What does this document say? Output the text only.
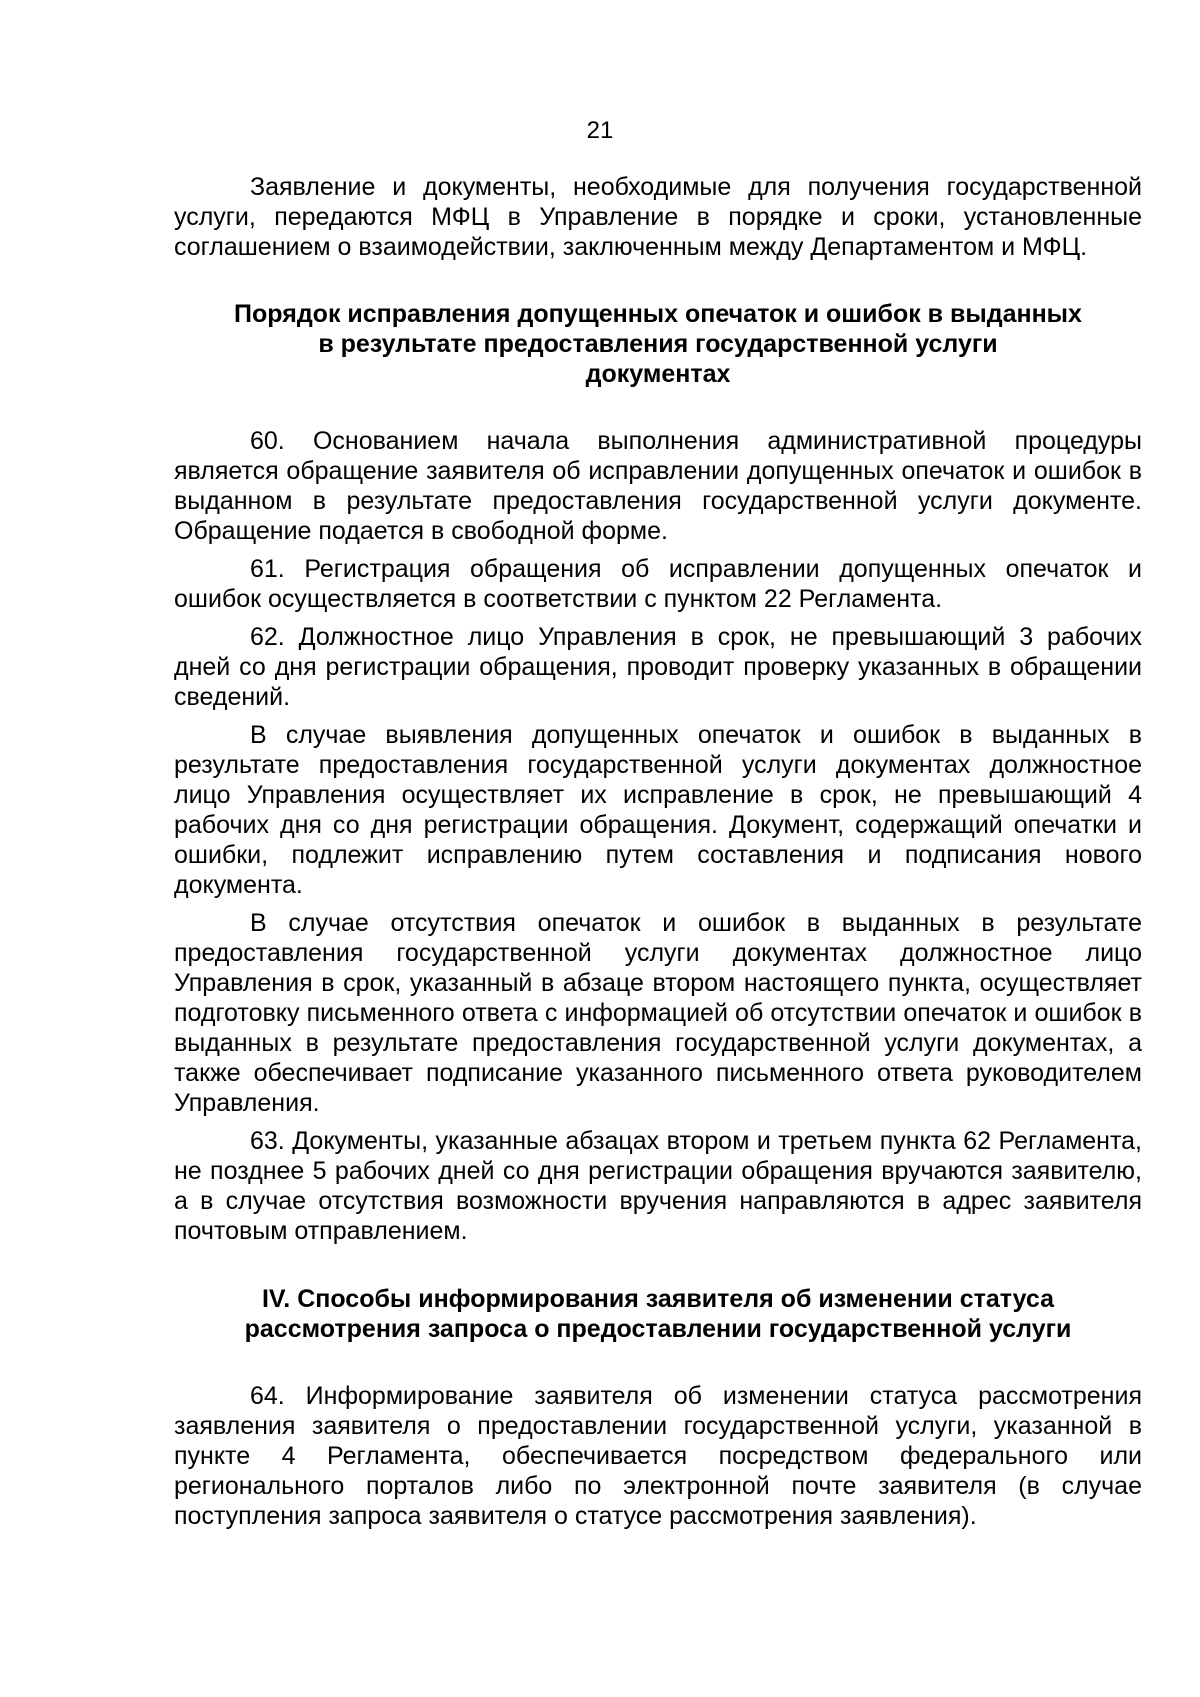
21

Заявление и документы, необходимые для получения государственной услуги, передаются МФЦ в Управление в порядке и сроки, установленные соглашением о взаимодействии, заключенным между Департаментом и МФЦ.

Порядок исправления допущенных опечаток и ошибок в выданных
в результате предоставления государственной услуги
документах

60. Основанием начала выполнения административной процедуры является обращение заявителя об исправлении допущенных опечаток и ошибок в выданном в результате предоставления государственной услуги документе. Обращение подается в свободной форме.

61. Регистрация обращения об исправлении допущенных опечаток и ошибок осуществляется в соответствии с пунктом 22 Регламента.

62. Должностное лицо Управления в срок, не превышающий 3 рабочих дней со дня регистрации обращения, проводит проверку указанных в обращении сведений.

В случае выявления допущенных опечаток и ошибок в выданных в результате предоставления государственной услуги документах должностное лицо Управления осуществляет их исправление в срок, не превышающий 4 рабочих дня со дня регистрации обращения. Документ, содержащий опечатки и ошибки, подлежит исправлению путем составления и подписания нового документа.

В случае отсутствия опечаток и ошибок в выданных в результате предоставления государственной услуги документах должностное лицо Управления в срок, указанный в абзаце втором настоящего пункта, осуществляет подготовку письменного ответа с информацией об отсутствии опечаток и ошибок в выданных в результате предоставления государственной услуги документах, а также обеспечивает подписание указанного письменного ответа руководителем Управления.

63. Документы, указанные абзацах втором и третьем пункта 62 Регламента, не позднее 5 рабочих дней со дня регистрации обращения вручаются заявителю, а в случае отсутствия возможности вручения направляются в адрес заявителя почтовым отправлением.

IV. Способы информирования заявителя об изменении статуса
рассмотрения запроса о предоставлении государственной услуги

64. Информирование заявителя об изменении статуса рассмотрения заявления заявителя о предоставлении государственной услуги, указанной в пункте 4 Регламента, обеспечивается посредством федерального или регионального порталов либо по электронной почте заявителя (в случае поступления запроса заявителя о статусе рассмотрения заявления).
